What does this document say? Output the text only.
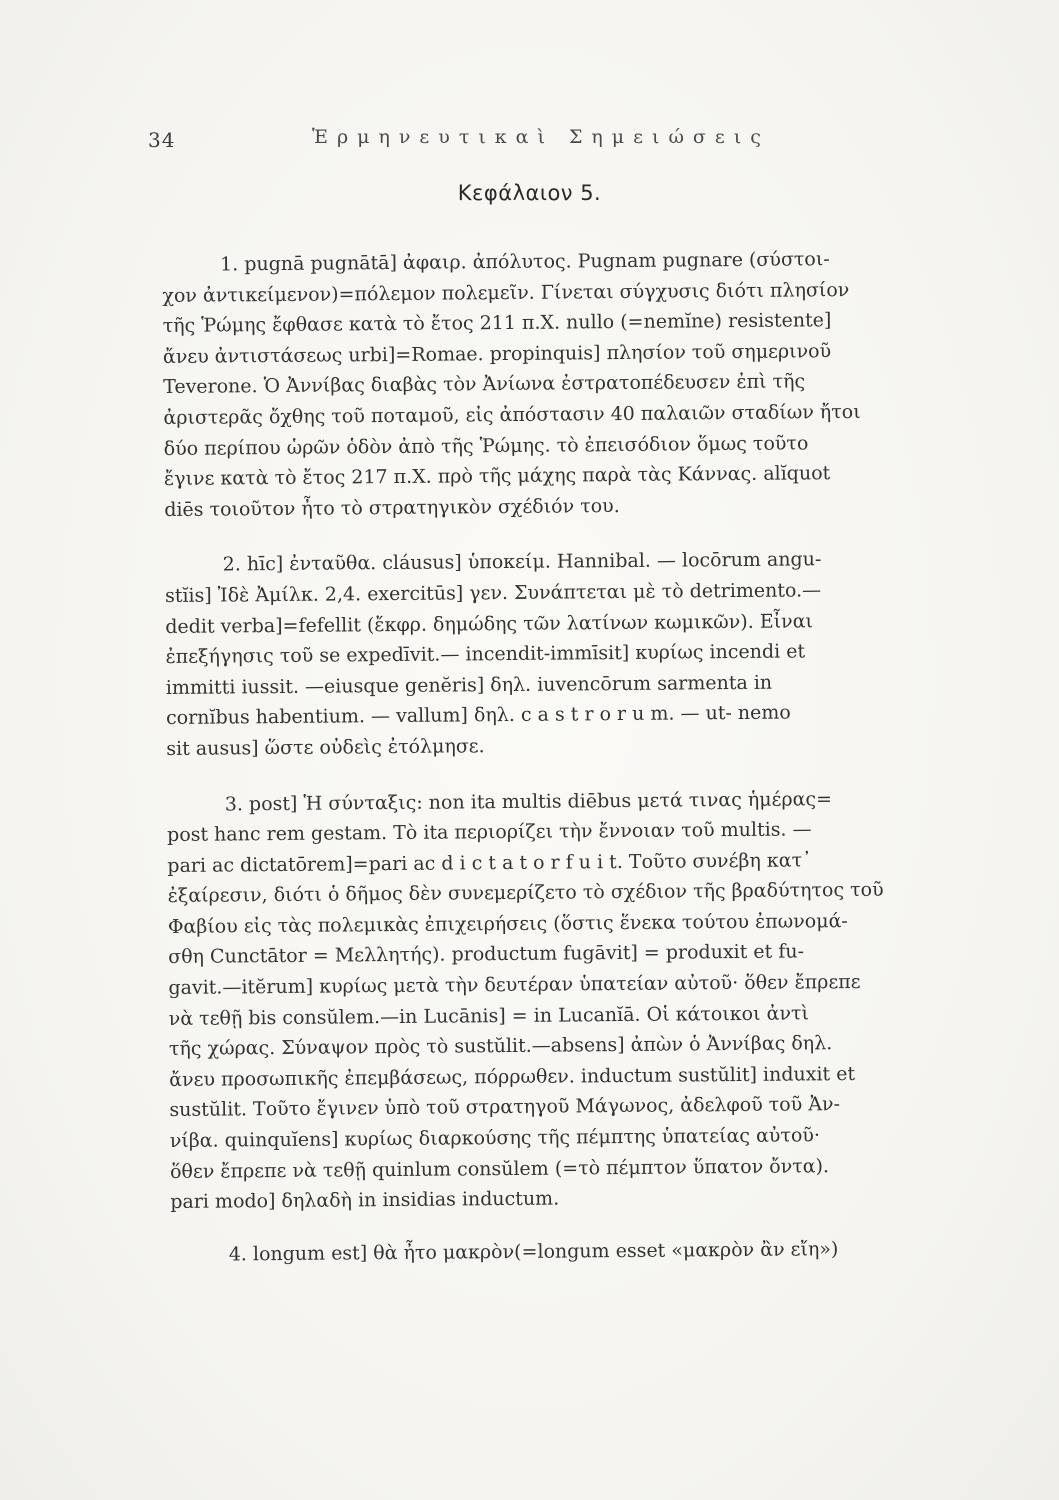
34	Ἑρμηνευτικαὶ Σημειώσεις
Κεφάλαιον 5.
1. pugnā pugnātā] ἀφαιρ. ἀπόλυτος. Pugnam pugnare (σύστοι-
χον ἀντικείμενον)=πόλεμον πολεμεῖν. Γίνεται σύγχυσις διότι πλησίον
τῆς Ῥώμης ἔφθασε κατὰ τὸ ἔτος 211 π.Χ. nullo (=nemĭne) resistente]
ἄνευ ἀντιστάσεως urbi]=Romae. propinquis] πλησίον τοῦ σημερινοῦ
Teverone. Ὁ Ἀννίβας διαβὰς τὸν Ἀνίωνα ἐστρατοπέδευσεν ἐπὶ τῆς
ἀριστερᾶς ὄχθης τοῦ ποταμοῦ, εἰς ἀπόστασιν 40 παλαιῶν σταδίων ἤτοι
δύο περίπου ὡρῶν ὁδὸν ἀπὸ τῆς Ῥώμης. τὸ ἐπεισόδιον ὅμως τοῦτο
ἔγινε κατὰ τὸ ἔτος 217 π.Χ. πρὸ τῆς μάχης παρὰ τὰς Κάννας. alĭquot
diēs τοιοῦτον ἦτο τὸ στρατηγικὸν σχέδιόν του.
2. hīc] ἐνταῦθα. cláusus] ὑποκείμ. Hannibal. — locōrum angu-
stĭis] Ἰδὲ Ἀμίλκ. 2,4. exercitūs] γεν. Συνάπτεται μὲ τὸ detrimento.—
dedit verba]=fefellit (ἔκφρ. δημώδης τῶν λατίνων κωμικῶν). Εἶναι
ἐπεξήγησις τοῦ se expedīvit.— incendit-immīsit] κυρίως incendi et
immitti iussit. —eiusque genĕris] δηλ. iuvencōrum sarmenta in
cornĭbus habentium. — vallum] δηλ. c a s t r o r u m. — ut- nemo
sit ausus] ὥστε οὐδεὶς ἐτόλμησε.
3. post] Ἡ σύνταξις: non ita multis diēbus μετά τινας ἡμέρας=
post hanc rem gestam. Τὸ ita περιορίζει τὴν ἔννοιαν τοῦ multis. —
pari ac dictatōrem]=pari ac d i c t a t o r f u i t. Τοῦτο συνέβη κατ᾽
ἐξαίρεσιν, διότι ὁ δῆμος δὲν συνεμερίζετο τὸ σχέδιον τῆς βραδύτητος τοῦ
Φαβίου εἰς τὰς πολεμικὰς ἐπιχειρήσεις (ὅστις ἕνεκα τούτου ἐπωνομά-
σθη Cunctātor = Μελλητής). productum fugāvit] = produxit et fu-
gavit.—itĕrum] κυρίως μετὰ τὴν δευτέραν ὑπατείαν αὐτοῦ· ὅθεν ἔπρεπε
νὰ τεθῇ bis consŭlem.—in Lucānis] = in Lucanĭā. Οἱ κάτοικοι ἀντὶ
τῆς χώρας. Σύναψον πρὸς τὸ sustŭlit.—absens] ἀπὼν ὁ Ἀννίβας δηλ.
ἄνευ προσωπικῆς ἐπεμβάσεως, πόρρωθεν. inductum sustŭlit] induxit et
sustŭlit. Τοῦτο ἔγινεν ὑπὸ τοῦ στρατηγοῦ Μάγωνος, ἀδελφοῦ τοῦ Ἀν-
νίβα. quinquĭens] κυρίως διαρκούσης τῆς πέμπτης ὑπατείας αὐτοῦ·
ὅθεν ἔπρεπε νὰ τεθῇ quinlum consŭlem (=τὸ πέμπτον ὕπατον ὄντα).
pari modo] δηλαδὴ in insidias inductum.
4. longum est] θὰ ἦτο μακρὸν(=longum esset «μακρὸν ἂν εἴη»)
